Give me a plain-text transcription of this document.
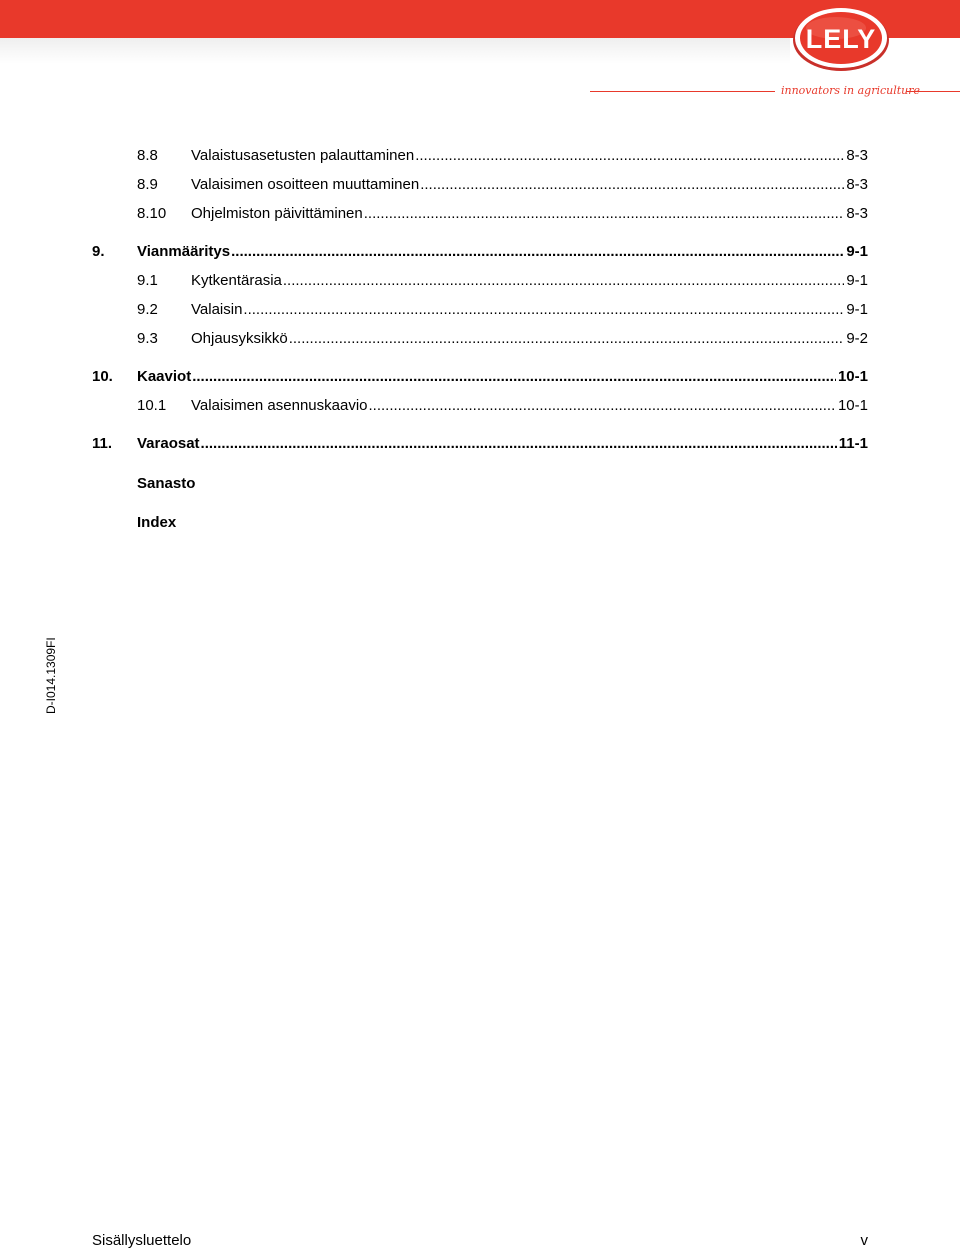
LELY
innovators in agriculture
8.8	Valaistusasetusten palauttaminen .....	8-3
8.9	Valaisimen osoitteen muuttaminen .....	8-3
8.10	Ohjelmiston päivittäminen .....	8-3
9.	Vianmääritys .....	9-1
9.1	Kytkentärasia .....	9-1
9.2	Valaisin .....	9-1
9.3	Ohjausyksikkö .....	9-2
10.	Kaaviot .....	10-1
10.1	Valaisimen asennuskaavio .....	10-1
11.	Varaosat .....	11-1
Sanasto
Index
D-I014.1309FI
Sisällysluettelo	v
